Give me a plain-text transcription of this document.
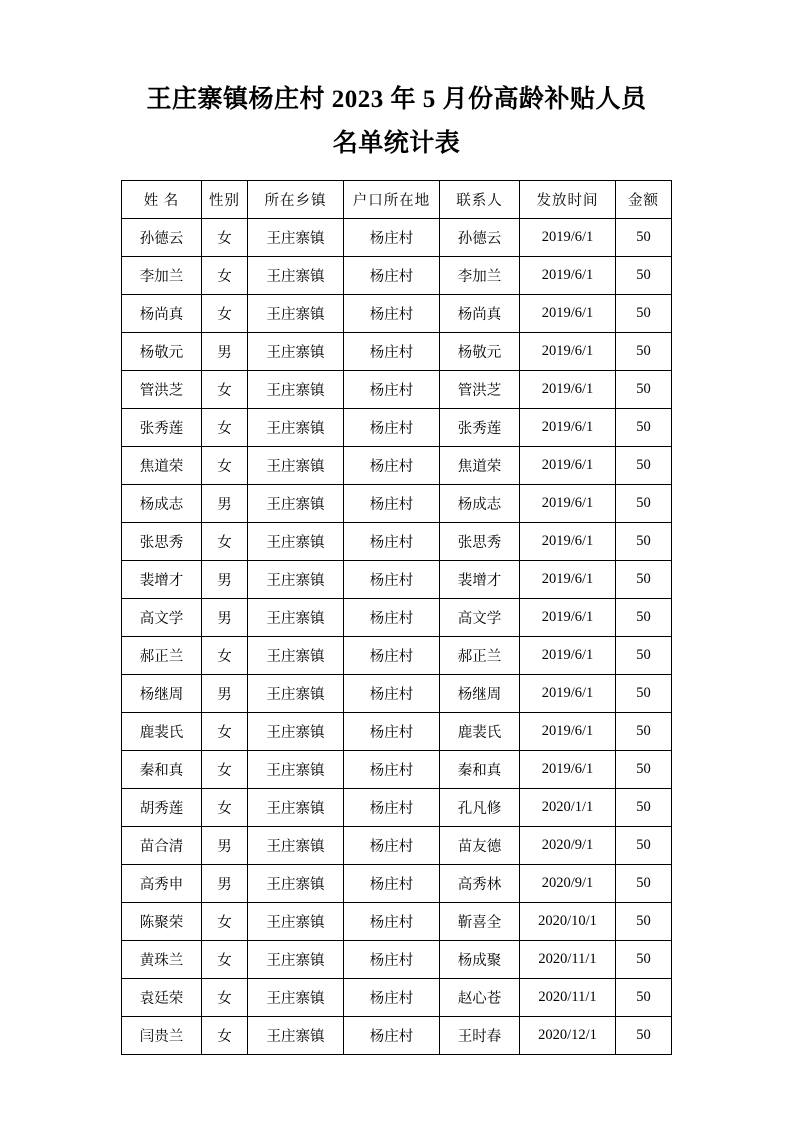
王庄寨镇杨庄村 2023 年 5 月份高龄补贴人员
名单统计表
姓 名	性别	所在乡镇	户口所在地	联系人	发放时间	金额
孙德云	女	王庄寨镇	杨庄村	孙德云	2019/6/1	50
李加兰	女	王庄寨镇	杨庄村	李加兰	2019/6/1	50
杨尚真	女	王庄寨镇	杨庄村	杨尚真	2019/6/1	50
杨敬元	男	王庄寨镇	杨庄村	杨敬元	2019/6/1	50
管洪芝	女	王庄寨镇	杨庄村	管洪芝	2019/6/1	50
张秀莲	女	王庄寨镇	杨庄村	张秀莲	2019/6/1	50
焦道荣	女	王庄寨镇	杨庄村	焦道荣	2019/6/1	50
杨成志	男	王庄寨镇	杨庄村	杨成志	2019/6/1	50
张思秀	女	王庄寨镇	杨庄村	张思秀	2019/6/1	50
裴增才	男	王庄寨镇	杨庄村	裴增才	2019/6/1	50
高文学	男	王庄寨镇	杨庄村	高文学	2019/6/1	50
郝正兰	女	王庄寨镇	杨庄村	郝正兰	2019/6/1	50
杨继周	男	王庄寨镇	杨庄村	杨继周	2019/6/1	50
鹿裴氏	女	王庄寨镇	杨庄村	鹿裴氏	2019/6/1	50
秦和真	女	王庄寨镇	杨庄村	秦和真	2019/6/1	50
胡秀莲	女	王庄寨镇	杨庄村	孔凡修	2020/1/1	50
苗合清	男	王庄寨镇	杨庄村	苗友德	2020/9/1	50
高秀申	男	王庄寨镇	杨庄村	高秀林	2020/9/1	50
陈聚荣	女	王庄寨镇	杨庄村	靳喜全	2020/10/1	50
黄珠兰	女	王庄寨镇	杨庄村	杨成聚	2020/11/1	50
袁廷荣	女	王庄寨镇	杨庄村	赵心苍	2020/11/1	50
闫贵兰	女	王庄寨镇	杨庄村	王时春	2020/12/1	50
